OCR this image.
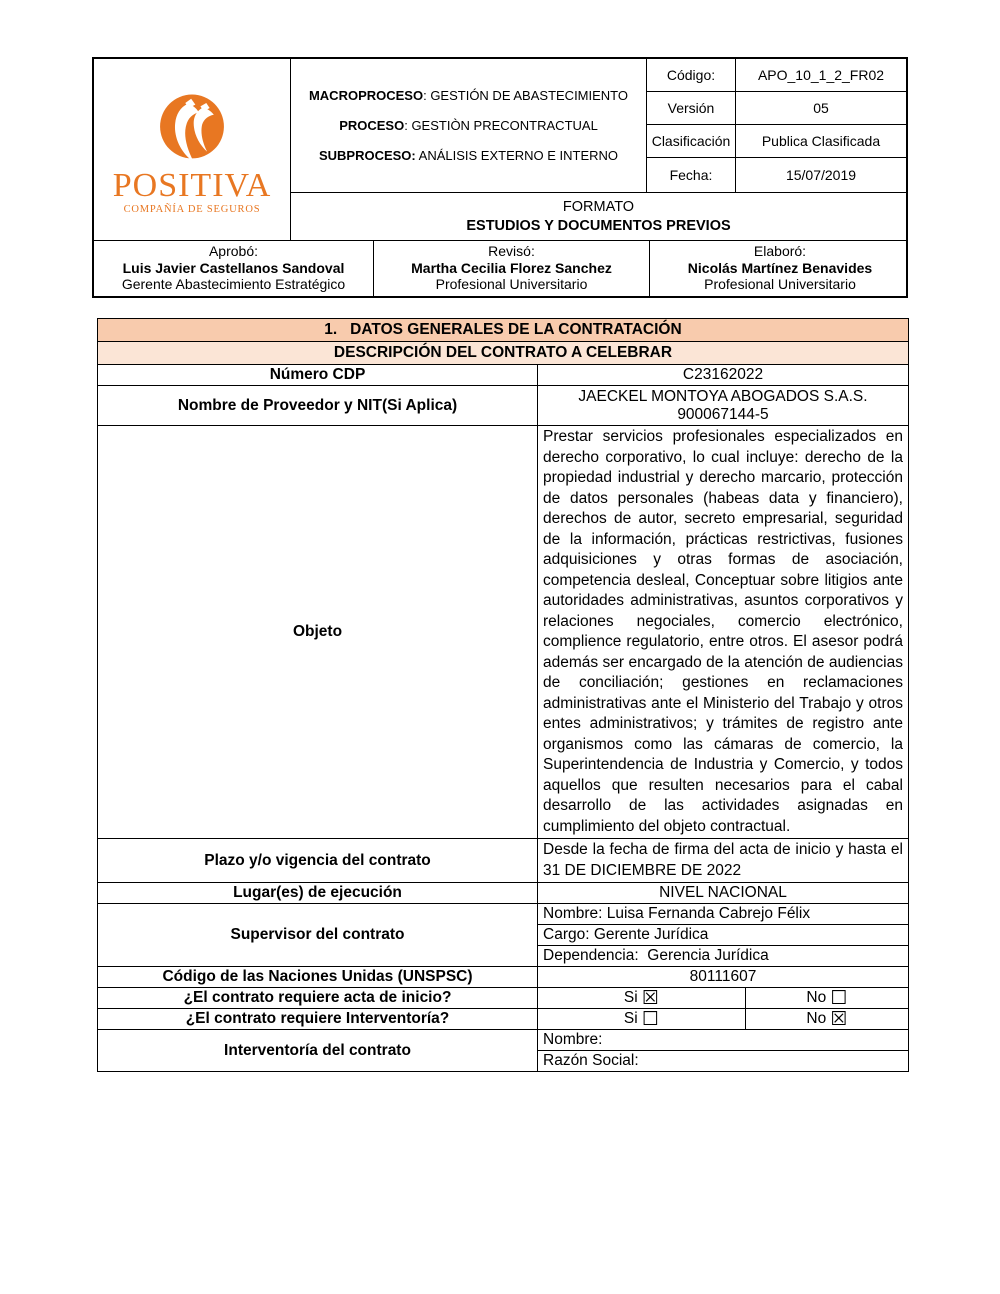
POSITIVA
COMPAÑÍA DE SEGUROS
MACROPROCESO: GESTIÓN DE ABASTECIMIENTO
PROCESO: GESTIÒN PRECONTRACTUAL
SUBPROCESO: ANÁLISIS EXTERNO E INTERNO
Código:	APO_10_1_2_FR02
Versión	05
Clasificación	Publica Clasificada
Fecha:	15/07/2019
FORMATO
ESTUDIOS Y DOCUMENTOS PREVIOS
Aprobó:
Luis Javier Castellanos Sandoval
Gerente Abastecimiento Estratégico
Revisó:
Martha Cecilia Florez Sanchez
Profesional Universitario
Elaboró:
Nicolás Martínez Benavides
Profesional Universitario
1.   DATOS GENERALES DE LA CONTRATACIÓN		
DESCRIPCIÓN DEL CONTRATO A CELEBRAR		
Número CDP	C23162022	
Nombre de Proveedor y NIT(Si Aplica)	JAECKEL MONTOYA ABOGADOS S.A.S.
900067144-5	
Objeto	Prestar servicios profesionales especializados en derecho corporativo, lo cual incluye: derecho de la propiedad industrial y derecho marcario, protección de datos personales (habeas data y financiero), derechos de autor, secreto empresarial, seguridad de la información, prácticas restrictivas, fusiones adquisiciones y otras formas de asociación, competencia desleal, Conceptuar sobre litigios ante autoridades administrativas, asuntos corporativos y relaciones negociales, comercio electrónico, complience regulatorio, entre otros. El asesor podrá además ser encargado de la atención de audiencias de conciliación; gestiones en reclamaciones administrativas ante el Ministerio del Trabajo y otros entes administrativos; y trámites de registro ante organismos como las cámaras de comercio, la Superintendencia de Industria y Comercio, y todos aquellos que resulten necesarios para el cabal desarrollo de las actividades asignadas en cumplimiento del objeto contractual.	
Plazo y/o vigencia del contrato	Desde la fecha de firma del acta de inicio y hasta el 31 DE DICIEMBRE DE 2022	
Lugar(es) de ejecución	NIVEL NACIONAL	
Supervisor del contrato	Nombre: Luisa Fernanda Cabrejo Félix	
	Cargo: Gerente Jurídica	
	Dependencia:  Gerencia Jurídica	
Código de las Naciones Unidas (UNSPSC)	80111607	
¿El contrato requiere acta de inicio?	Si ☒	No ☐
¿El contrato requiere Interventoría?	Si ☐	No ☒
Interventoría del contrato	Nombre:	
	Razón Social:	
